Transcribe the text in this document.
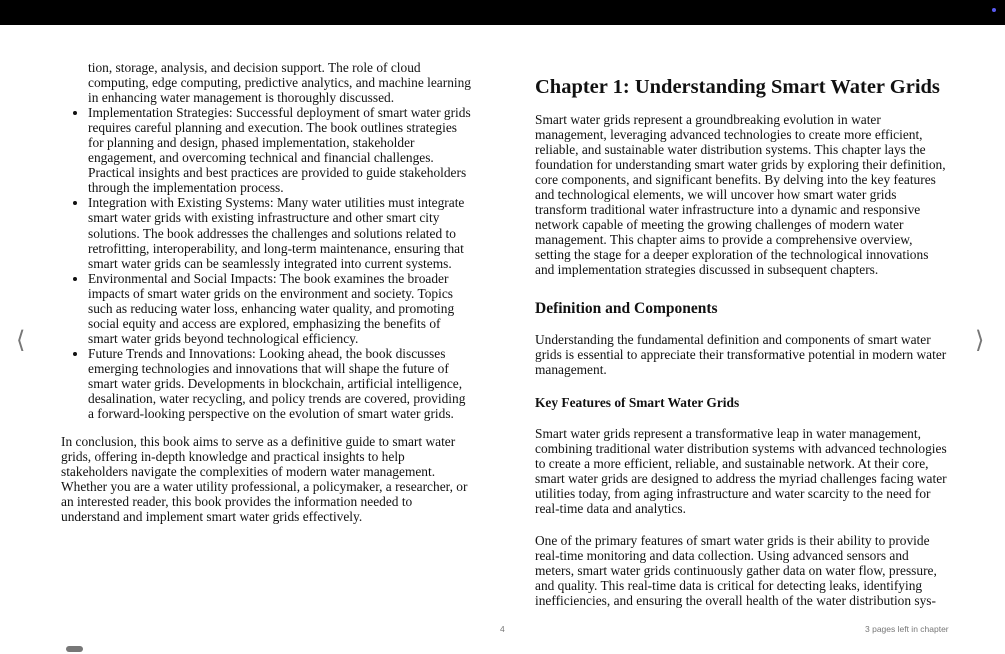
⟨	⟩

tion, storage, analysis, and decision support. The role of cloud computing, edge computing, predictive analytics, and machine learning in enhancing water management is thoroughly discussed.

• Implementation Strategies: Successful deployment of smart water grids requires careful planning and execution. The book outlines strategies for planning and design, phased implementation, stakeholder engagement, and overcoming technical and financial challenges. Practical insights and best practices are provided to guide stakeholders through the implementation process.
• Integration with Existing Systems: Many water utilities must integrate smart water grids with existing infrastructure and other smart city solutions. The book addresses the challenges and solutions related to retrofitting, interoperability, and long-term maintenance, ensuring that smart water grids can be seamlessly integrated into current systems.
• Environmental and Social Impacts: The book examines the broader impacts of smart water grids on the environment and society. Topics such as reducing water loss, enhancing water quality, and promoting social equity and access are explored, emphasizing the benefits of smart water grids beyond technological efficiency.
• Future Trends and Innovations: Looking ahead, the book discusses emerging technologies and innovations that will shape the future of smart water grids. Developments in blockchain, artificial intelligence, desalination, water recycling, and policy trends are covered, providing a forward-looking perspective on the evolution of smart water grids.

In conclusion, this book aims to serve as a definitive guide to smart water grids, offering in-depth knowledge and practical insights to help stakeholders navigate the complexities of modern water management. Whether you are a water utility professional, a policymaker, a researcher, or an interested reader, this book provides the information needed to understand and implement smart water grids effectively.

Chapter 1: Understanding Smart Water Grids

Smart water grids represent a groundbreaking evolution in water management, leveraging advanced technologies to create more efficient, reliable, and sustainable water distribution systems. This chapter lays the foundation for understanding smart water grids by exploring their definition, core components, and significant benefits. By delving into the key features and technological elements, we will uncover how smart water grids transform traditional water infrastructure into a dynamic and responsive network capable of meeting the growing challenges of modern water management. This chapter aims to provide a comprehensive overview, setting the stage for a deeper exploration of the technological innovations and implementation strategies discussed in subsequent chapters.

Definition and Components

Understanding the fundamental definition and components of smart water grids is essential to appreciate their transformative potential in modern water management.

Key Features of Smart Water Grids

Smart water grids represent a transformative leap in water management, combining traditional water distribution systems with advanced technologies to create a more efficient, reliable, and sustainable network. At their core, smart water grids are designed to address the myriad challenges facing water utilities today, from aging infrastructure and water scarcity to the need for real-time data and analytics.

One of the primary features of smart water grids is their ability to provide real-time monitoring and data collection. Using advanced sensors and meters, smart water grids continuously gather data on water flow, pressure, and quality. This real-time data is critical for detecting leaks, identifying inefficiencies, and ensuring the overall health of the water distribution sys-

4	3 pages left in chapter
